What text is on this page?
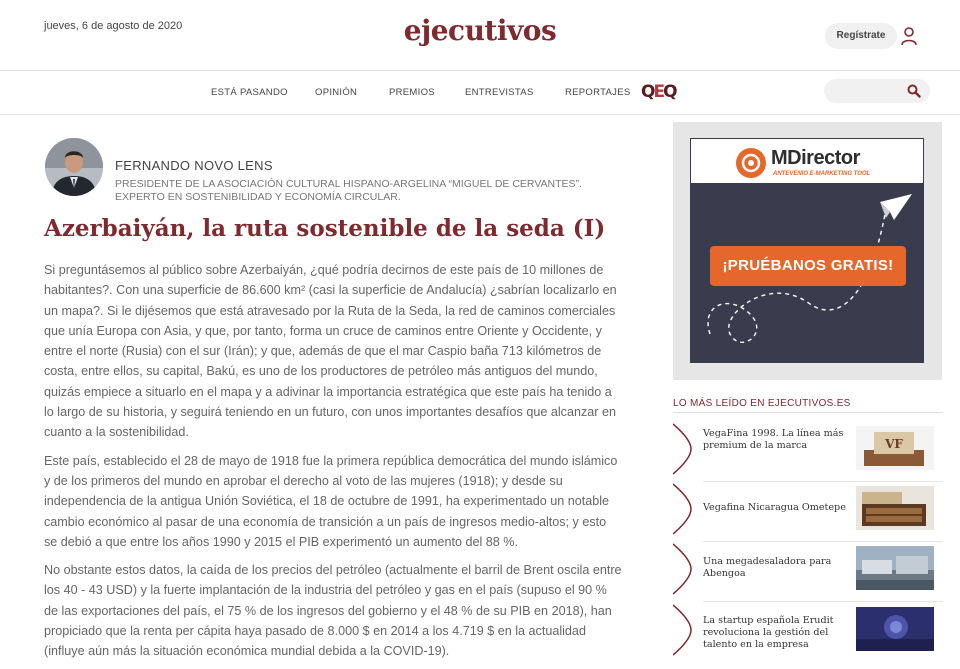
jueves, 6 de agosto de 2020	ejecutivos	Regístrate
ESTÁ PASANDO	OPINIÓN	PREMIOS	ENTREVISTAS	REPORTAJES QEQ
FERNANDO NOVO LENS
PRESIDENTE DE LA ASOCIACIÓN CULTURAL HISPANO-ARGELINA “MIGUEL DE CERVANTES”. EXPERTO EN SOSTENIBILIDAD Y ECONOMÍA CIRCULAR.
Azerbaiyán, la ruta sostenible de la seda (I)

Si preguntásemos al público sobre Azerbaiyán, ¿qué podría decirnos de este país de 10 millones de habitantes?. Con una superficie de 86.600 km² (casi la superficie de Andalucía) ¿sabrían localizarlo en un mapa?. Si le dijésemos que está atravesado por la Ruta de la Seda, la red de caminos comerciales que unía Europa con Asia, y que, por tanto, forma un cruce de caminos entre Oriente y Occidente, y entre el norte (Rusia) con el sur (Irán); y que, además de que el mar Caspio baña 713 kilómetros de costa, entre ellos, su capital, Bakú, es uno de los productores de petróleo más antiguos del mundo, quizás empiece a situarlo en el mapa y a adivinar la importancia estratégica que este país ha tenido a lo largo de su historia, y seguirá teniendo en un futuro, con unos importantes desafíos que alcanzar en cuanto a la sostenibilidad.

Este país, establecido el 28 de mayo de 1918 fue la primera república democrática del mundo islámico y de los primeros del mundo en aprobar el derecho al voto de las mujeres (1918); y desde su independencia de la antigua Unión Soviética, el 18 de octubre de 1991, ha experimentado un notable cambio económico al pasar de una economía de transición a un país de ingresos medio-altos; y esto se debió a que entre los años 1990 y 2015 el PIB experimentó un aumento del 88 %.

No obstante estos datos, la caída de los precios del petróleo (actualmente el barril de Brent oscila entre los 40 - 43 USD) y la fuerte implantación de la industria del petróleo y gas en el país (supuso el 90 % de las exportaciones del país, el 75 % de los ingresos del gobierno y el 48 % de su PIB en 2018), han propiciado que la renta per cápita haya pasado de 8.000 $ en 2014 a los 4.719 $ en la actualidad (influye aún más la situación económica mundial debida a la COVID-19).

MDirector
ANTEVENIO E-MARKETING TOOL
¡PRUÉBANOS GRATIS!
LO MÁS LEÍDO EN EJECUTIVOS.ES
VegaFina 1998. La línea más premium de la marca	VF
Vegafina Nicaragua Ometepe
Una megadesaladora para Abengoa
La startup española Erudit revoluciona la gestión del talento en la empresa
